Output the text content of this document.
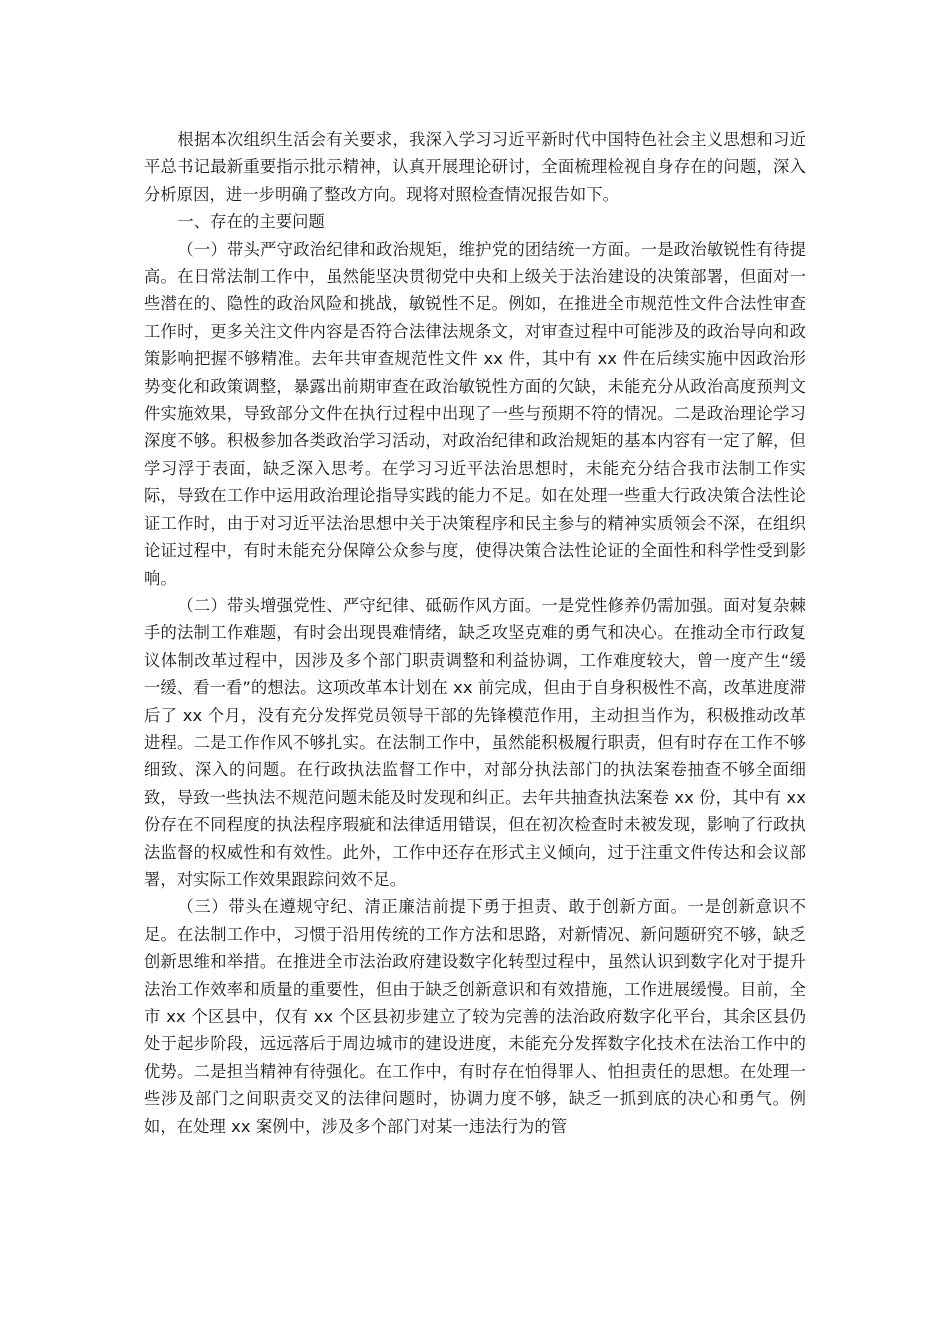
根据本次组织生活会有关要求，我深入学习习近平新时代中国特色社会主义思想和习近平总书记最新重要指示批示精神，认真开展理论研讨，全面梳理检视自身存在的问题，深入分析原因，进一步明确了整改方向。现将对照检查情况报告如下。

一、存在的主要问题

（一）带头严守政治纪律和政治规矩，维护党的团结统一方面。一是政治敏锐性有待提高。在日常法制工作中，虽然能坚决贯彻党中央和上级关于法治建设的决策部署，但面对一些潜在的、隐性的政治风险和挑战，敏锐性不足。例如，在推进全市规范性文件合法性审查工作时，更多关注文件内容是否符合法律法规条文，对审查过程中可能涉及的政治导向和政策影响把握不够精准。去年共审查规范性文件 xx 件，其中有 xx 件在后续实施中因政治形势变化和政策调整，暴露出前期审查在政治敏锐性方面的欠缺，未能充分从政治高度预判文件实施效果，导致部分文件在执行过程中出现了一些与预期不符的情况。二是政治理论学习深度不够。积极参加各类政治学习活动，对政治纪律和政治规矩的基本内容有一定了解，但学习浮于表面，缺乏深入思考。在学习习近平法治思想时，未能充分结合我市法制工作实际，导致在工作中运用政治理论指导实践的能力不足。如在处理一些重大行政决策合法性论证工作时，由于对习近平法治思想中关于决策程序和民主参与的精神实质领会不深，在组织论证过程中，有时未能充分保障公众参与度，使得决策合法性论证的全面性和科学性受到影响。

（二）带头增强党性、严守纪律、砥砺作风方面。一是党性修养仍需加强。面对复杂棘手的法制工作难题，有时会出现畏难情绪，缺乏攻坚克难的勇气和决心。在推动全市行政复议体制改革过程中，因涉及多个部门职责调整和利益协调，工作难度较大，曾一度产生“缓一缓、看一看”的想法。这项改革本计划在 xx 前完成，但由于自身积极性不高，改革进度滞后了 xx 个月，没有充分发挥党员领导干部的先锋模范作用，主动担当作为，积极推动改革进程。二是工作作风不够扎实。在法制工作中，虽然能积极履行职责，但有时存在工作不够细致、深入的问题。在行政执法监督工作中，对部分执法部门的执法案卷抽查不够全面细致，导致一些执法不规范问题未能及时发现和纠正。去年共抽查执法案卷 xx 份，其中有 xx 份存在不同程度的执法程序瑕疵和法律适用错误，但在初次检查时未被发现，影响了行政执法监督的权威性和有效性。此外，工作中还存在形式主义倾向，过于注重文件传达和会议部署，对实际工作效果跟踪问效不足。

（三）带头在遵规守纪、清正廉洁前提下勇于担责、敢于创新方面。一是创新意识不足。在法制工作中，习惯于沿用传统的工作方法和思路，对新情况、新问题研究不够，缺乏创新思维和举措。在推进全市法治政府建设数字化转型过程中，虽然认识到数字化对于提升法治工作效率和质量的重要性，但由于缺乏创新意识和有效措施，工作进展缓慢。目前，全市 xx 个区县中，仅有 xx 个区县初步建立了较为完善的法治政府数字化平台，其余区县仍处于起步阶段，远远落后于周边城市的建设进度，未能充分发挥数字化技术在法治工作中的优势。二是担当精神有待强化。在工作中，有时存在怕得罪人、怕担责任的思想。在处理一些涉及部门之间职责交叉的法律问题时，协调力度不够，缺乏一抓到底的决心和勇气。例如，在处理 xx 案例中，涉及多个部门对某一违法行为的管
